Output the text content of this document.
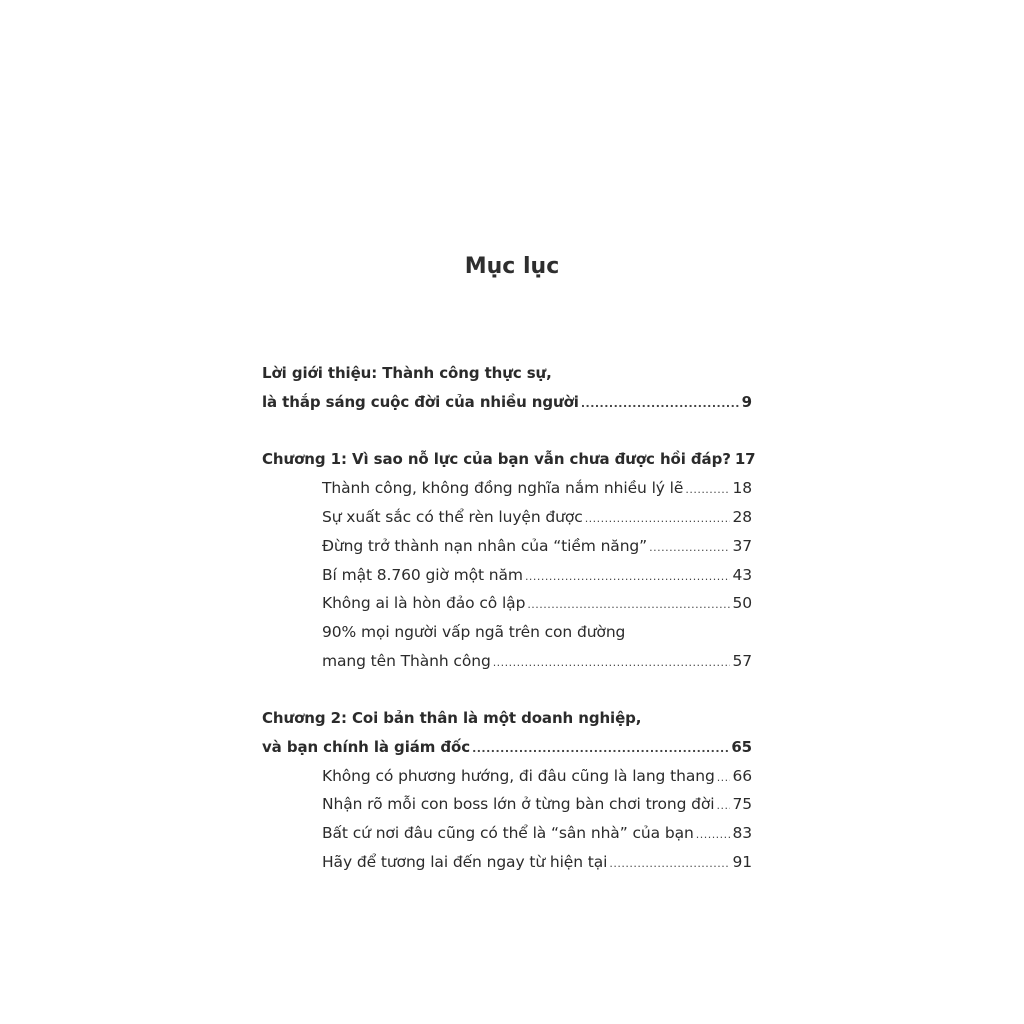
Mục lục
Lời giới thiệu: Thành công thực sự,
là thắp sáng cuộc đời của nhiều người .....	9
Chương 1: Vì sao nỗ lực của bạn vẫn chưa được hồi đáp? 17
Thành công, không đồng nghĩa nắm nhiều lý lẽ .....	18
Sự xuất sắc có thể rèn luyện được .....	28
Đừng trở thành nạn nhân của “tiềm năng” .....	37
Bí mật 8.760 giờ một năm .....	43
Không ai là hòn đảo cô lập .....	50
90% mọi người vấp ngã trên con đường
mang tên Thành công .....	57
Chương 2: Coi bản thân là một doanh nghiệp,
và bạn chính là giám đốc .....	65
Không có phương hướng, đi đâu cũng là lang thang ..... 66
Nhận rõ mỗi con boss lớn ở từng bàn chơi trong đời ..... 75
Bất cứ nơi đâu cũng có thể là “sân nhà” của bạn .....	83
Hãy để tương lai đến ngay từ hiện tại .....	91
